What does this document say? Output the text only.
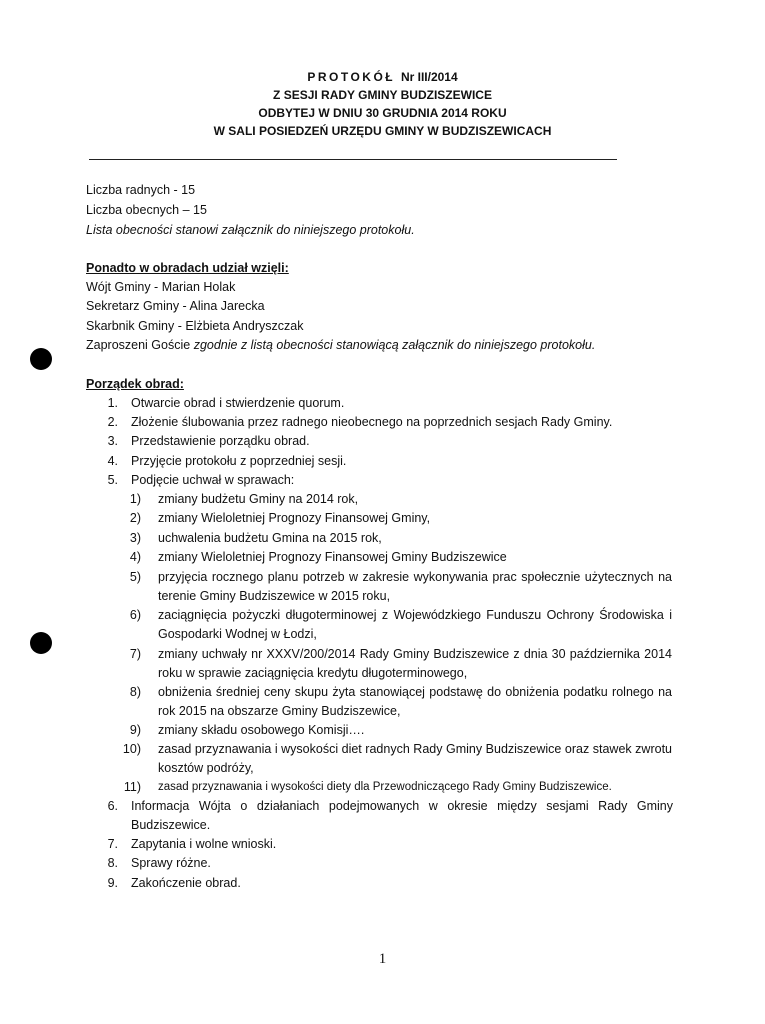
PROTOKÓŁ Nr III/2014
Z SESJI RADY GMINY BUDZISZEWICE
ODBYTEJ W DNIU 30 GRUDNIA 2014 ROKU
W SALI POSIEDZEŃ URZĘDU GMINY W BUDZISZEWICACH
Liczba radnych - 15
Liczba obecnych – 15
Lista obecności stanowi załącznik do niniejszego protokołu.
Ponadto w obradach udział wzięli:
Wójt Gminy - Marian Holak
Sekretarz Gminy - Alina Jarecka
Skarbnik Gminy - Elżbieta Andryszczak
Zaproszeni Goście zgodnie z listą obecności stanowiącą załącznik do niniejszego protokołu.
Porządek obrad:
1. Otwarcie obrad i stwierdzenie quorum.
2. Złożenie ślubowania przez radnego nieobecnego na poprzednich sesjach Rady Gminy.
3. Przedstawienie porządku obrad.
4. Przyjęcie protokołu z poprzedniej sesji.
5. Podjęcie uchwał w sprawach:
1) zmiany budżetu Gminy na 2014 rok,
2) zmiany Wieloletniej Prognozy Finansowej Gminy,
3) uchwalenia budżetu Gmina na 2015 rok,
4) zmiany Wieloletniej Prognozy Finansowej Gminy Budziszewice
5) przyjęcia rocznego planu potrzeb w zakresie wykonywania prac społecznie użytecznych na terenie Gminy Budziszewice w 2015 roku,
6) zaciągnięcia pożyczki długoterminowej z Wojewódzkiego Funduszu Ochrony Środowiska i Gospodarki Wodnej w Łodzi,
7) zmiany uchwały nr XXXV/200/2014 Rady Gminy Budziszewice z dnia 30 października 2014 roku w sprawie zaciągnięcia kredytu długoterminowego,
8) obniżenia średniej ceny skupu żyta stanowiącej podstawę do obniżenia podatku rolnego na rok 2015 na obszarze Gminy Budziszewice,
9) zmiany składu osobowego Komisji….
10) zasad przyznawania i wysokości diet radnych Rady Gminy Budziszewice oraz stawek zwrotu kosztów podróży,
11) zasad przyznawania i wysokości diety dla Przewodniczącego Rady Gminy Budziszewice.
6. Informacja Wójta o działaniach podejmowanych w okresie między sesjami Rady Gminy Budziszewice.
7. Zapytania i wolne wnioski.
8. Sprawy różne.
9. Zakończenie obrad.
1
